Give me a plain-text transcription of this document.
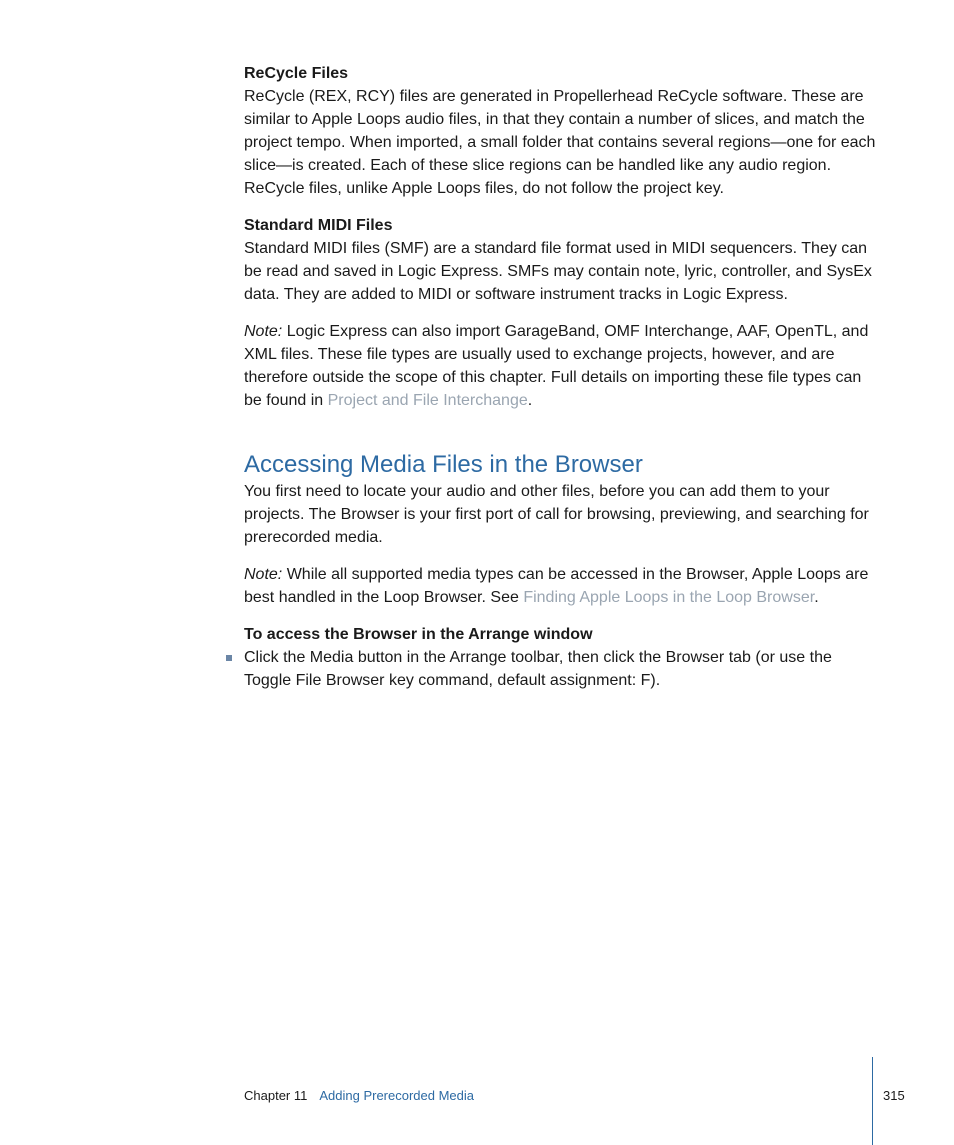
ReCycle Files

ReCycle (REX, RCY) files are generated in Propellerhead ReCycle software. These are similar to Apple Loops audio files, in that they contain a number of slices, and match the project tempo. When imported, a small folder that contains several regions—one for each slice—is created. Each of these slice regions can be handled like any audio region. ReCycle files, unlike Apple Loops files, do not follow the project key.

Standard MIDI Files

Standard MIDI files (SMF) are a standard file format used in MIDI sequencers. They can be read and saved in Logic Express. SMFs may contain note, lyric, controller, and SysEx data. They are added to MIDI or software instrument tracks in Logic Express.

Note: Logic Express can also import GarageBand, OMF Interchange, AAF, OpenTL, and XML files. These file types are usually used to exchange projects, however, and are therefore outside the scope of this chapter. Full details on importing these file types can be found in Project and File Interchange.

Accessing Media Files in the Browser

You first need to locate your audio and other files, before you can add them to your projects. The Browser is your first port of call for browsing, previewing, and searching for prerecorded media.

Note: While all supported media types can be accessed in the Browser, Apple Loops are best handled in the Loop Browser. See Finding Apple Loops in the Loop Browser.

To access the Browser in the Arrange window

Click the Media button in the Arrange toolbar, then click the Browser tab (or use the Toggle File Browser key command, default assignment: F).

Chapter 11 Adding Prerecorded Media	315
